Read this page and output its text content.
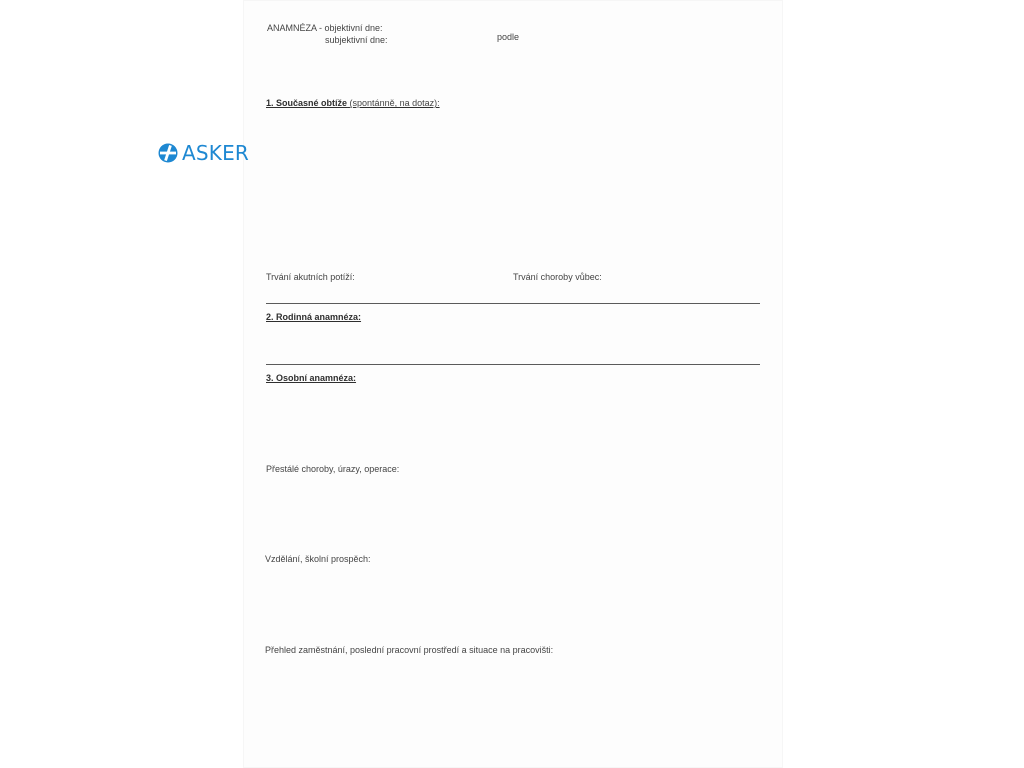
ASKER
ANAMNÉZA - objektivní dne:
subjektivní dne:	podle
1. Současné obtíže (spontánně, na dotaz):
Trvání akutních potíží:	Trvání choroby vůbec:
2. Rodinná anamnéza:
3. Osobní anamnéza:
Přestálé choroby, úrazy, operace:
Vzdělání, školní prospěch:
Přehled zaměstnání, poslední pracovní prostředí a situace na pracovišti:
